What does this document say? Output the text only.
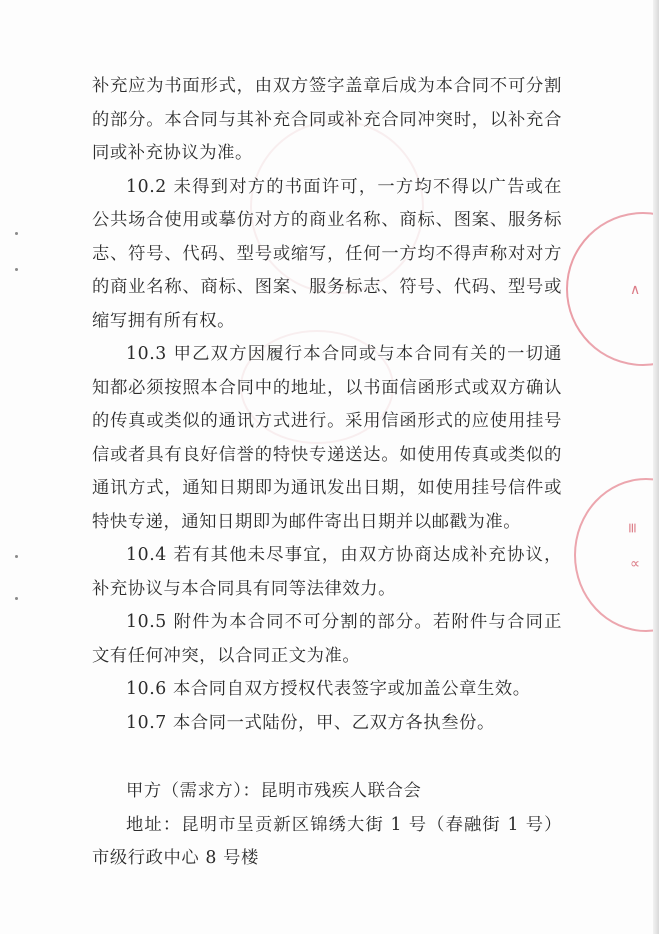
∧
≡
∝

补充应为书面形式，由双方签字盖章后成为本合同不可分割的部分。本合同与其补充合同或补充合同冲突时，以补充合同或补充协议为准。

10.2 未得到对方的书面许可，一方均不得以广告或在公共场合使用或摹仿对方的商业名称、商标、图案、服务标志、符号、代码、型号或缩写，任何一方均不得声称对对方的商业名称、商标、图案、服务标志、符号、代码、型号或缩写拥有所有权。

10.3 甲乙双方因履行本合同或与本合同有关的一切通知都必须按照本合同中的地址，以书面信函形式或双方确认的传真或类似的通讯方式进行。采用信函形式的应使用挂号信或者具有良好信誉的特快专递送达。如使用传真或类似的通讯方式，通知日期即为通讯发出日期，如使用挂号信件或特快专递，通知日期即为邮件寄出日期并以邮戳为准。

10.4 若有其他未尽事宜，由双方协商达成补充协议，补充协议与本合同具有同等法律效力。

10.5 附件为本合同不可分割的部分。若附件与合同正文有任何冲突，以合同正文为准。

10.6 本合同自双方授权代表签字或加盖公章生效。

10.7 本合同一式陆份，甲、乙双方各执叁份。

甲方（需求方）：昆明市残疾人联合会

地址：昆明市呈贡新区锦绣大街 1 号（春融街 1 号）市级行政中心 8 号楼
